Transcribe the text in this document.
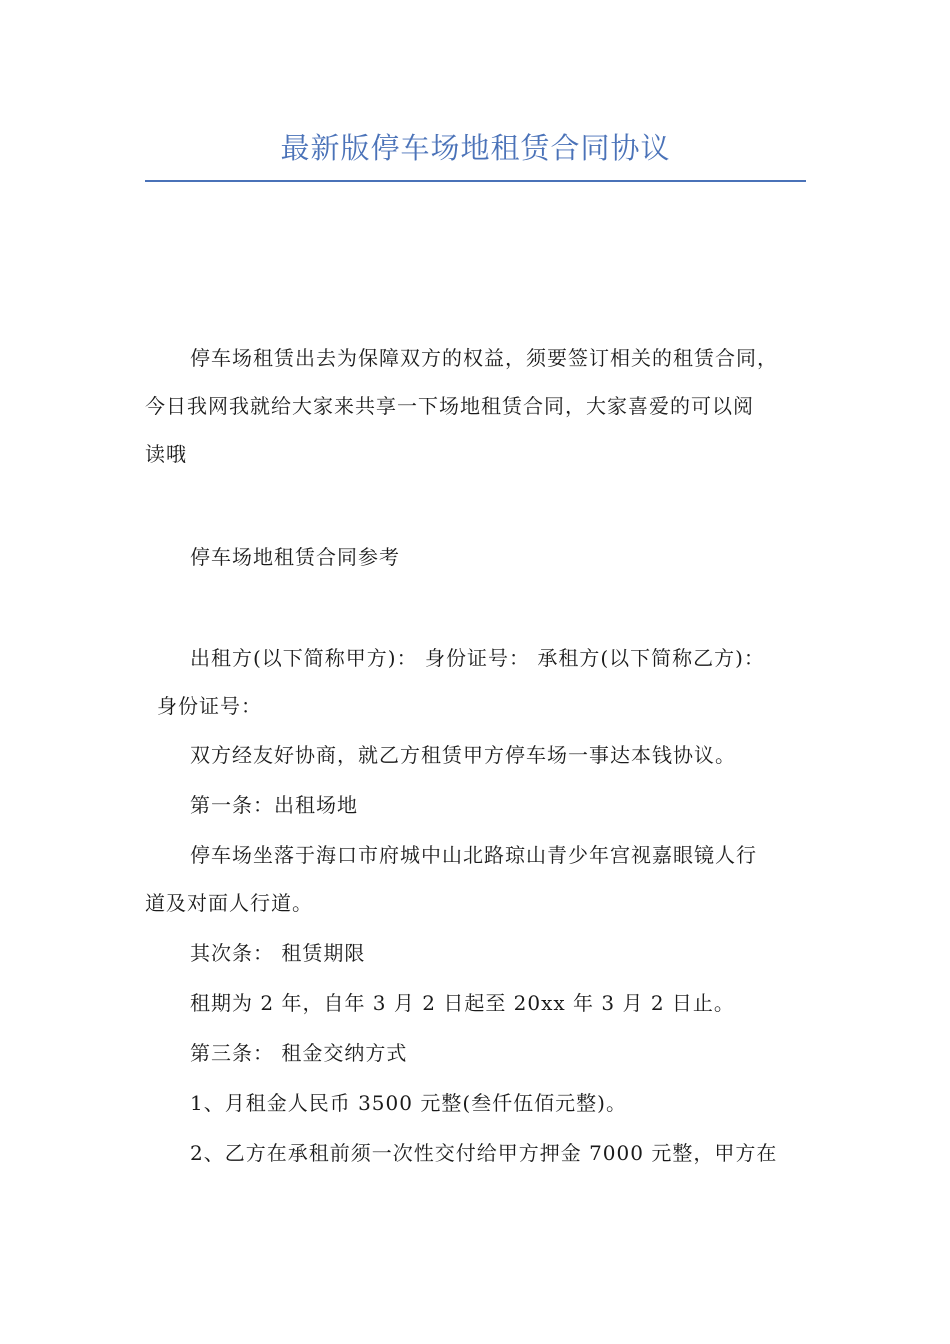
最新版停车场地租赁合同协议
停车场租赁出去为保障双方的权益，须要签订相关的租赁合同，
今日我网我就给大家来共享一下场地租赁合同，大家喜爱的可以阅
读哦
停车场地租赁合同参考
出租方(以下简称甲方)： 身份证号： 承租方(以下简称乙方)：
身份证号：
双方经友好协商，就乙方租赁甲方停车场一事达本钱协议。
第一条：出租场地
停车场坐落于海口市府城中山北路琼山青少年宫视嘉眼镜人行
道及对面人行道。
其次条： 租赁期限
租期为 2 年，自年 3 月 2 日起至 20xx 年 3 月 2 日止。
第三条： 租金交纳方式
1、月租金人民币 3500 元整(叁仟伍佰元整)。
2、乙方在承租前须一次性交付给甲方押金 7000 元整，甲方在
